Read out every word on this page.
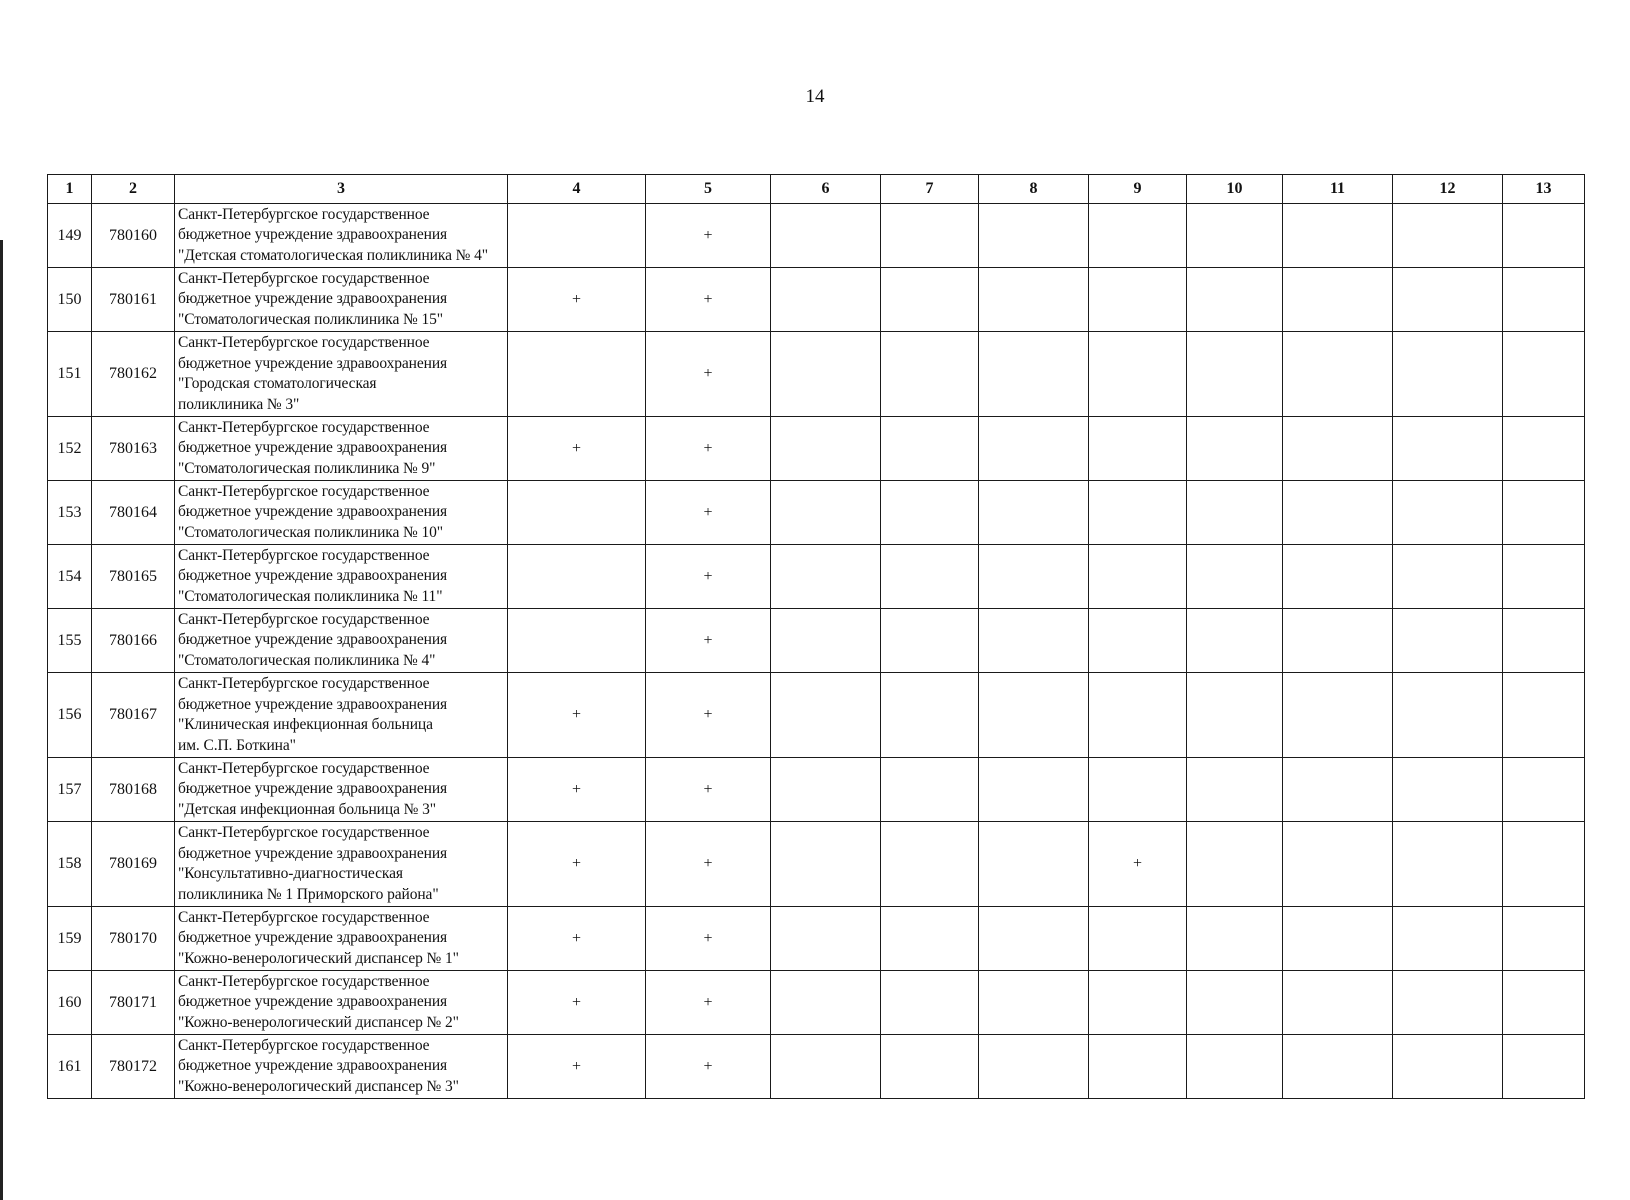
14
1	2	3	4	5	6	7	8	9	10	11	12	13
149	780160	Санкт-Петербургское государственное
бюджетное учреждение здравоохранения
"Детская стоматологическая поликлиника № 4"		+								
150	780161	Санкт-Петербургское государственное
бюджетное учреждение здравоохранения
"Стоматологическая поликлиника № 15"	+	+								
151	780162	Санкт-Петербургское государственное
бюджетное учреждение здравоохранения
"Городская стоматологическая
поликлиника № 3"		+								
152	780163	Санкт-Петербургское государственное
бюджетное учреждение здравоохранения
"Стоматологическая поликлиника № 9"	+	+								
153	780164	Санкт-Петербургское государственное
бюджетное учреждение здравоохранения
"Стоматологическая поликлиника № 10"		+								
154	780165	Санкт-Петербургское государственное
бюджетное учреждение здравоохранения
"Стоматологическая поликлиника № 11"		+								
155	780166	Санкт-Петербургское государственное
бюджетное учреждение здравоохранения
"Стоматологическая поликлиника № 4"		+								
156	780167	Санкт-Петербургское государственное
бюджетное учреждение здравоохранения
"Клиническая инфекционная больница
им. С.П. Боткина"	+	+								
157	780168	Санкт-Петербургское государственное
бюджетное учреждение здравоохранения
"Детская инфекционная больница № 3"	+	+								
158	780169	Санкт-Петербургское государственное
бюджетное учреждение здравоохранения
"Консультативно-диагностическая
поликлиника № 1 Приморского района"	+	+				+				
159	780170	Санкт-Петербургское государственное
бюджетное учреждение здравоохранения
"Кожно-венерологический диспансер № 1"	+	+								
160	780171	Санкт-Петербургское государственное
бюджетное учреждение здравоохранения
"Кожно-венерологический диспансер № 2"	+	+								
161	780172	Санкт-Петербургское государственное
бюджетное учреждение здравоохранения
"Кожно-венерологический диспансер № 3"	+	+								
